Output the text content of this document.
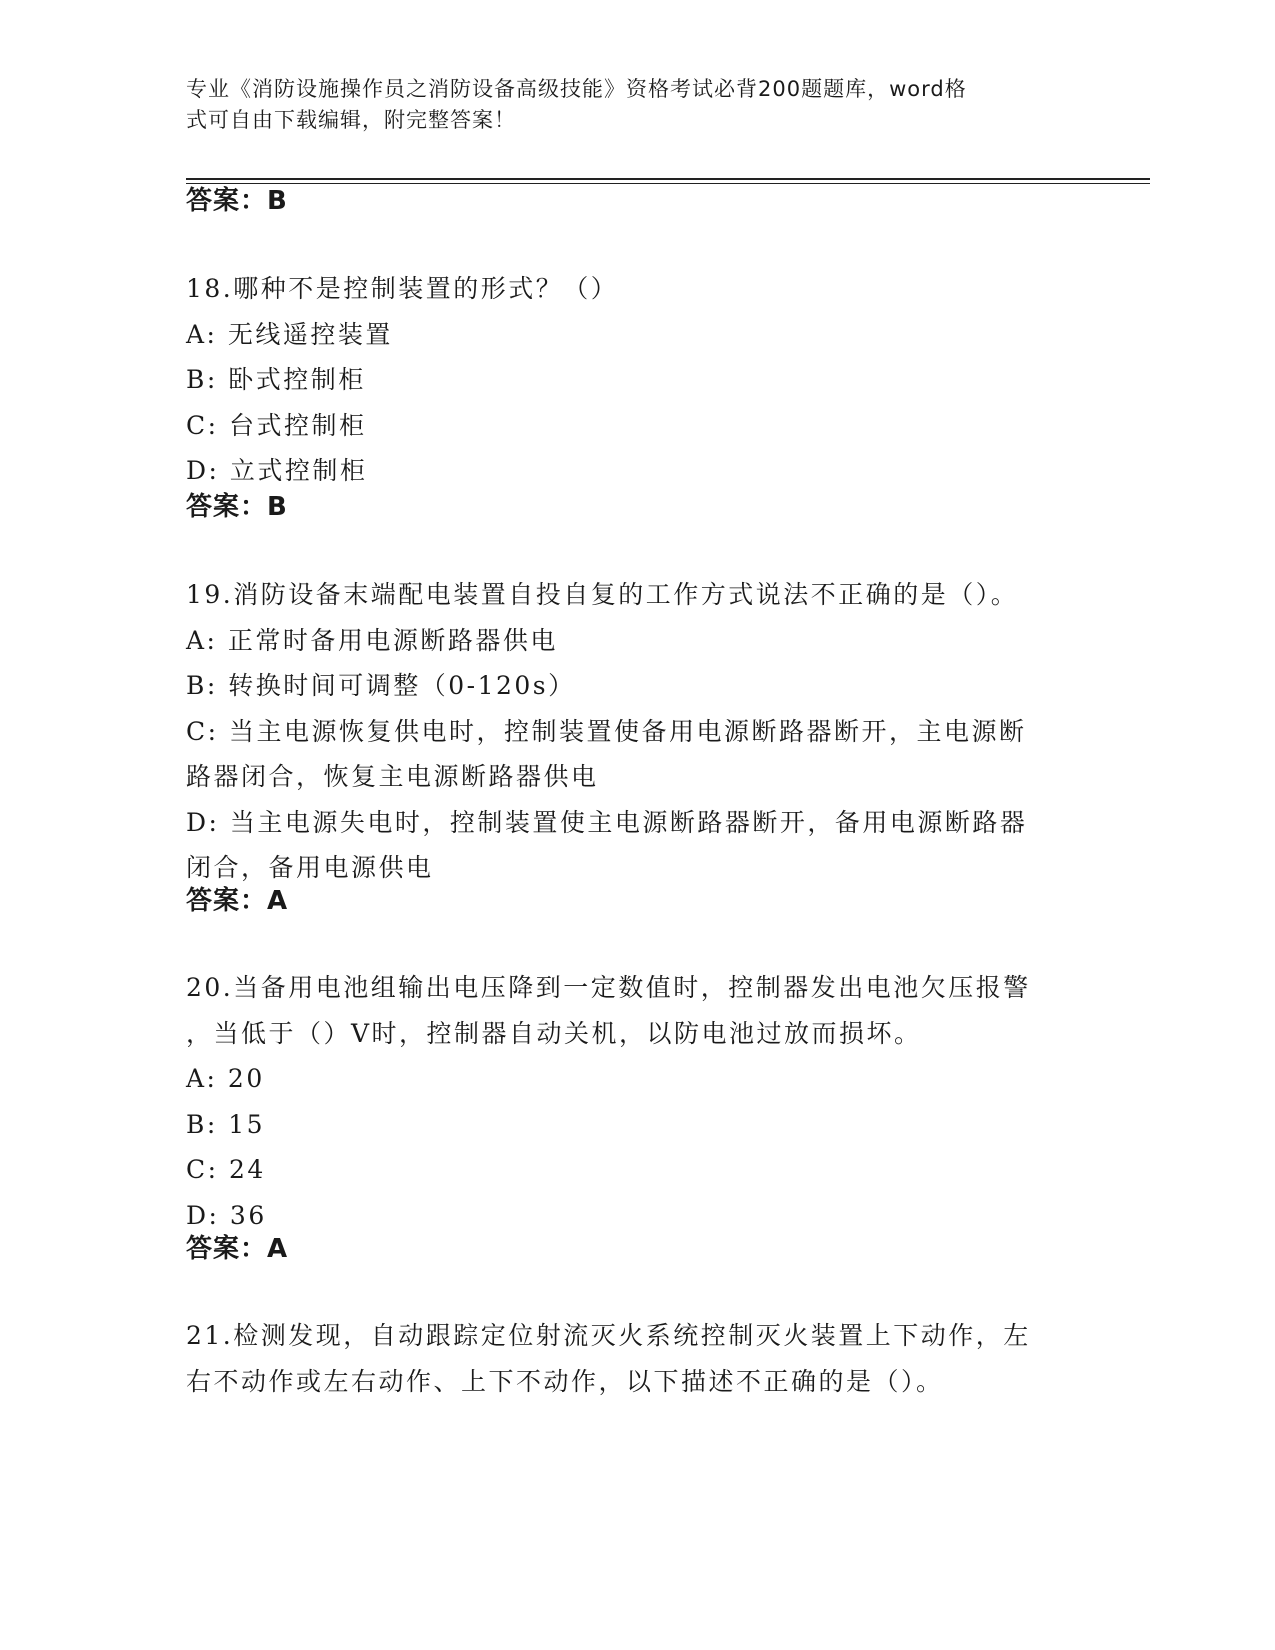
专业《消防设施操作员之消防设备高级技能》资格考试必背200题题库，word格
式可自由下载编辑，附完整答案！
答案：B
18.哪种不是控制装置的形式？（）
A: 无线遥控装置
B: 卧式控制柜
C: 台式控制柜
D: 立式控制柜
答案：B
19.消防设备末端配电装置自投自复的工作方式说法不正确的是（）。
A: 正常时备用电源断路器供电
B: 转换时间可调整（0-120s）
C: 当主电源恢复供电时，控制装置使备用电源断路器断开，主电源断
路器闭合，恢复主电源断路器供电
D: 当主电源失电时，控制装置使主电源断路器断开，备用电源断路器
闭合，备用电源供电
答案：A
20.当备用电池组输出电压降到一定数值时，控制器发出电池欠压报警
，当低于（）V时，控制器自动关机，以防电池过放而损坏。
A: 20
B: 15
C: 24
D: 36
答案：A
21.检测发现，自动跟踪定位射流灭火系统控制灭火装置上下动作，左
右不动作或左右动作、上下不动作，以下描述不正确的是（）。
